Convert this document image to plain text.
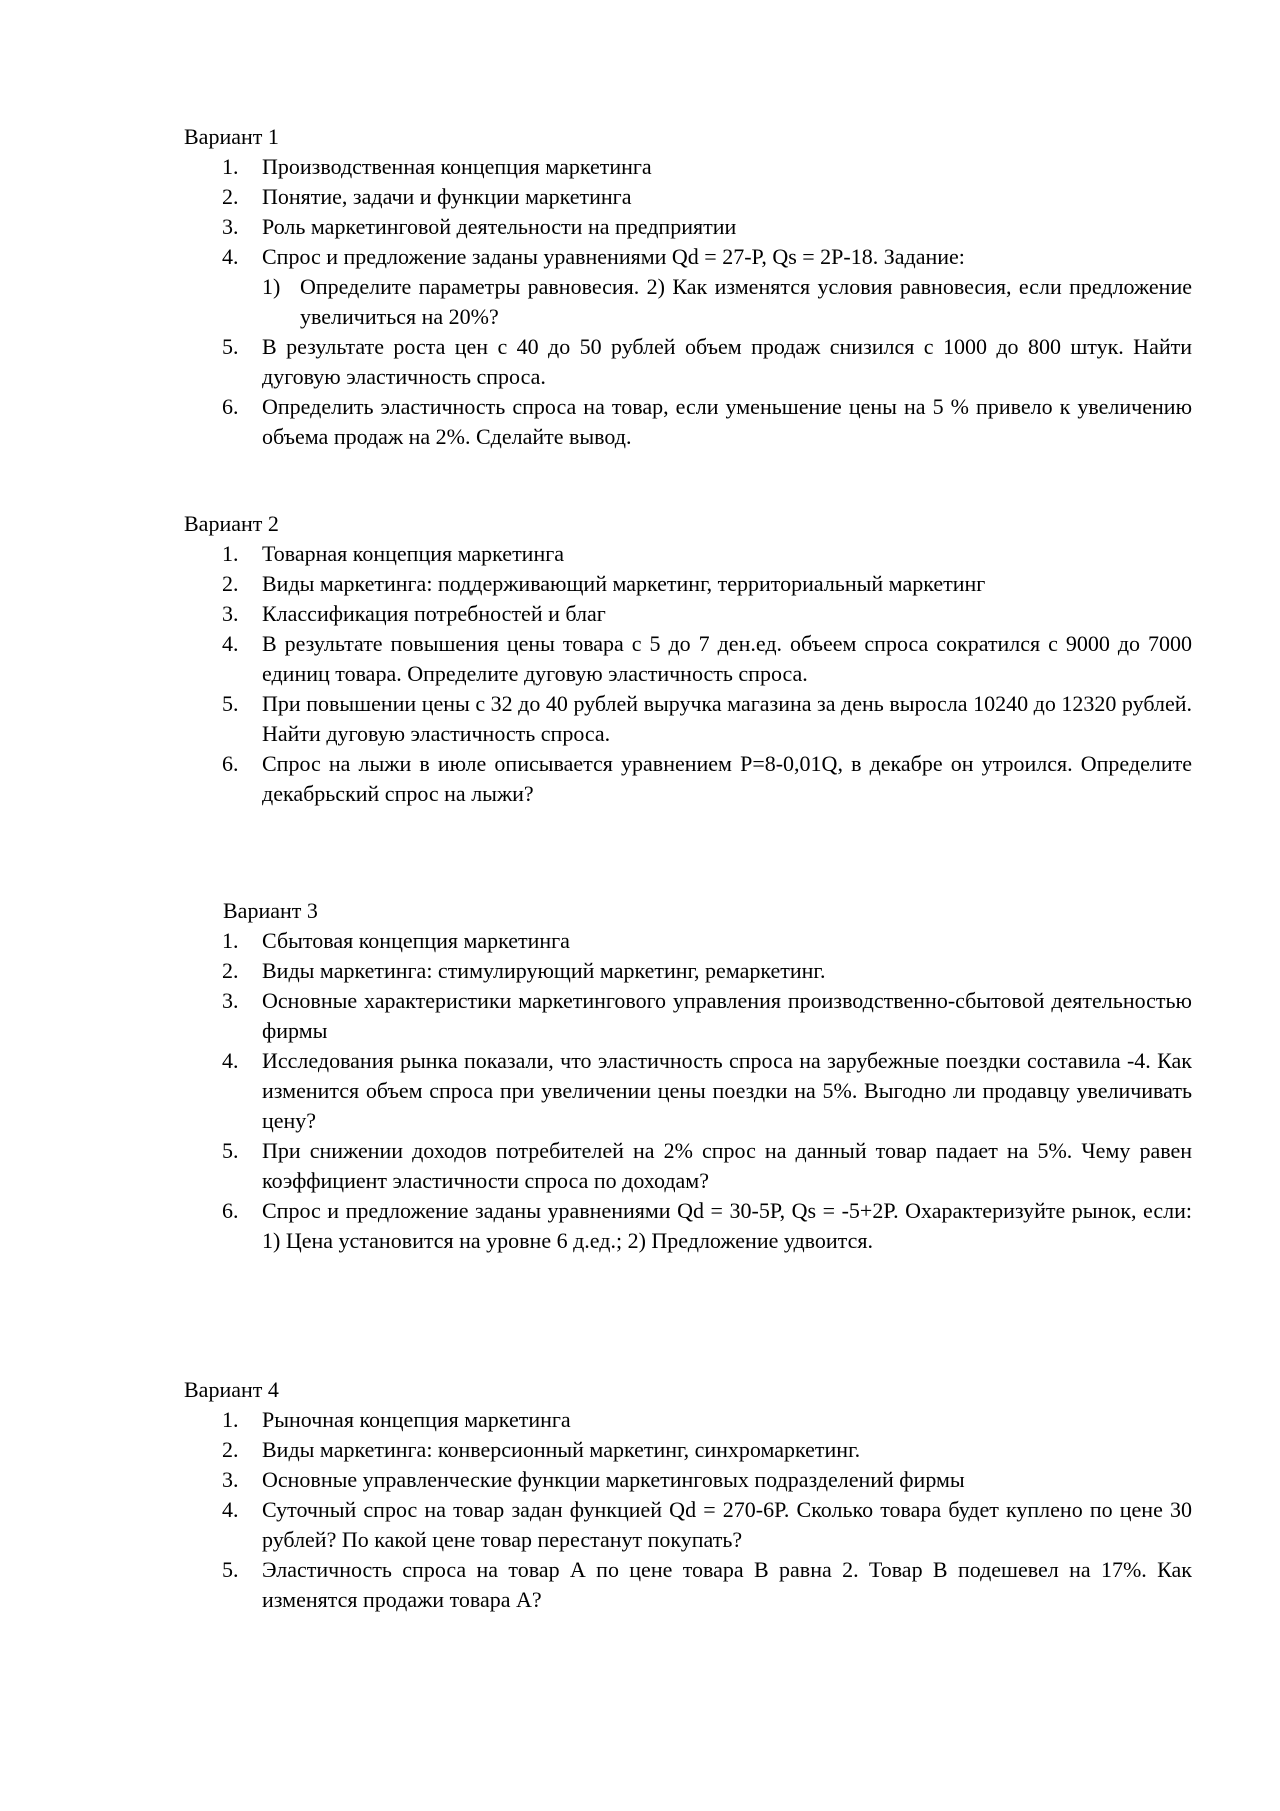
Вариант 1

1. Производственная концепция маркетинга
2. Понятие, задачи и функции маркетинга
3. Роль маркетинговой деятельности на предприятии
4. Спрос и предложение заданы уравнениями Qd = 27-P, Qs = 2P-18. Задание:
1) Определите параметры равновесия. 2) Как изменятся условия равновесия, если предложение увеличиться на 20%?
5. В результате роста цен с 40 до 50 рублей объем продаж снизился с 1000 до 800 штук. Найти дуговую эластичность спроса.
6. Определить эластичность спроса на товар, если уменьшение цены на 5 % привело к увеличению объема продаж на 2%. Сделайте вывод.

Вариант 2

1. Товарная концепция маркетинга
2. Виды маркетинга: поддерживающий маркетинг, территориальный маркетинг
3. Классификация потребностей и благ
4. В результате повышения цены товара с 5 до 7 ден.ед. объеем спроса сократился с 9000 до 7000 единиц товара. Определите дуговую эластичность спроса.
5. При повышении цены с 32 до 40 рублей выручка магазина за день выросла 10240 до 12320 рублей. Найти дуговую эластичность спроса.
6. Спрос на лыжи в июле описывается уравнением P=8-0,01Q, в декабре он утроился. Определите декабрьский спрос на лыжи?

Вариант 3

1. Сбытовая концепция маркетинга
2. Виды маркетинга: стимулирующий маркетинг, ремаркетинг.
3. Основные характеристики маркетингового управления производственно-сбытовой деятельностью фирмы
4. Исследования рынка показали, что эластичность спроса на зарубежные поездки составила -4. Как изменится объем спроса при увеличении цены поездки на 5%. Выгодно ли продавцу увеличивать цену?
5. При снижении доходов потребителей на 2% спрос на данный товар падает на 5%. Чему равен коэффициент эластичности спроса по доходам?
6. Спрос и предложение заданы уравнениями Qd = 30-5P, Qs = -5+2P. Охарактеризуйте рынок, если: 1) Цена установится на уровне 6 д.ед.; 2) Предложение удвоится.

Вариант 4

1. Рыночная концепция маркетинга
2. Виды маркетинга: конверсионный маркетинг, синхромаркетинг.
3. Основные управленческие функции маркетинговых подразделений фирмы
4. Суточный спрос на товар задан функцией Qd = 270-6P. Сколько товара будет куплено по цене 30 рублей? По какой цене товар перестанут покупать?
5. Эластичность спроса на товар А по цене товара В равна 2. Товар В подешевел на 17%. Как изменятся продажи товара А?
